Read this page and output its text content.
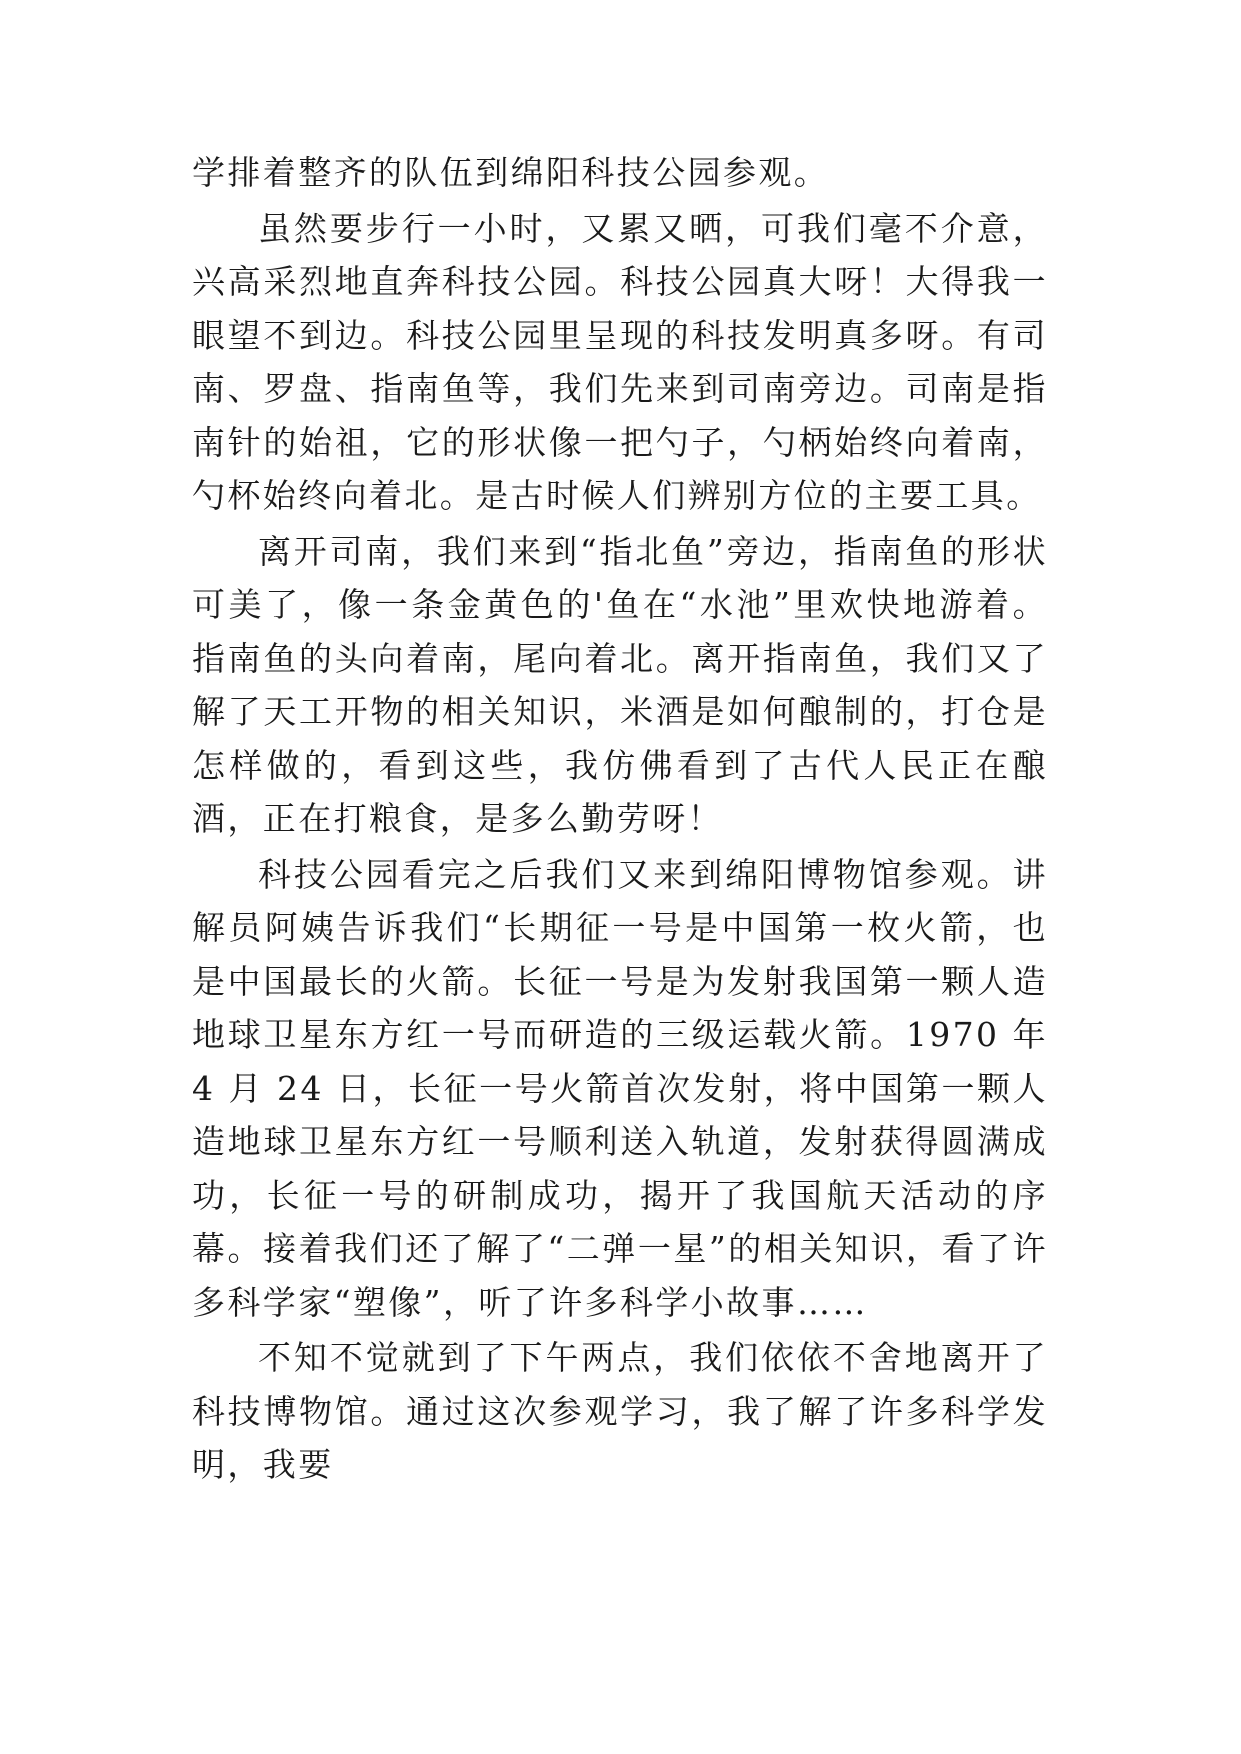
学排着整齐的队伍到绵阳科技公园参观。

虽然要步行一小时，又累又晒，可我们毫不介意，兴高采烈地直奔科技公园。科技公园真大呀！大得我一眼望不到边。科技公园里呈现的科技发明真多呀。有司南、罗盘、指南鱼等，我们先来到司南旁边。司南是指南针的始祖，它的形状像一把勺子，勺柄始终向着南，勺杯始终向着北。是古时候人们辨别方位的主要工具。

离开司南，我们来到“指北鱼”旁边，指南鱼的形状可美了，像一条金黄色的'鱼在“水池”里欢快地游着。指南鱼的头向着南，尾向着北。离开指南鱼，我们又了解了天工开物的相关知识，米酒是如何酿制的，打仓是怎样做的，看到这些，我仿佛看到了古代人民正在酿酒，正在打粮食，是多么勤劳呀！

科技公园看完之后我们又来到绵阳博物馆参观。讲解员阿姨告诉我们“长期征一号是中国第一枚火箭，也是中国最长的火箭。长征一号是为发射我国第一颗人造地球卫星东方红一号而研造的三级运载火箭。1970 年 4 月 24 日，长征一号火箭首次发射，将中国第一颗人造地球卫星东方红一号顺利送入轨道，发射获得圆满成功，长征一号的研制成功，揭开了我国航天活动的序幕。接着我们还了解了“二弹一星”的相关知识，看了许多科学家“塑像”，听了许多科学小故事……

不知不觉就到了下午两点，我们依依不舍地离开了科技博物馆。通过这次参观学习，我了解了许多科学发明，我要
